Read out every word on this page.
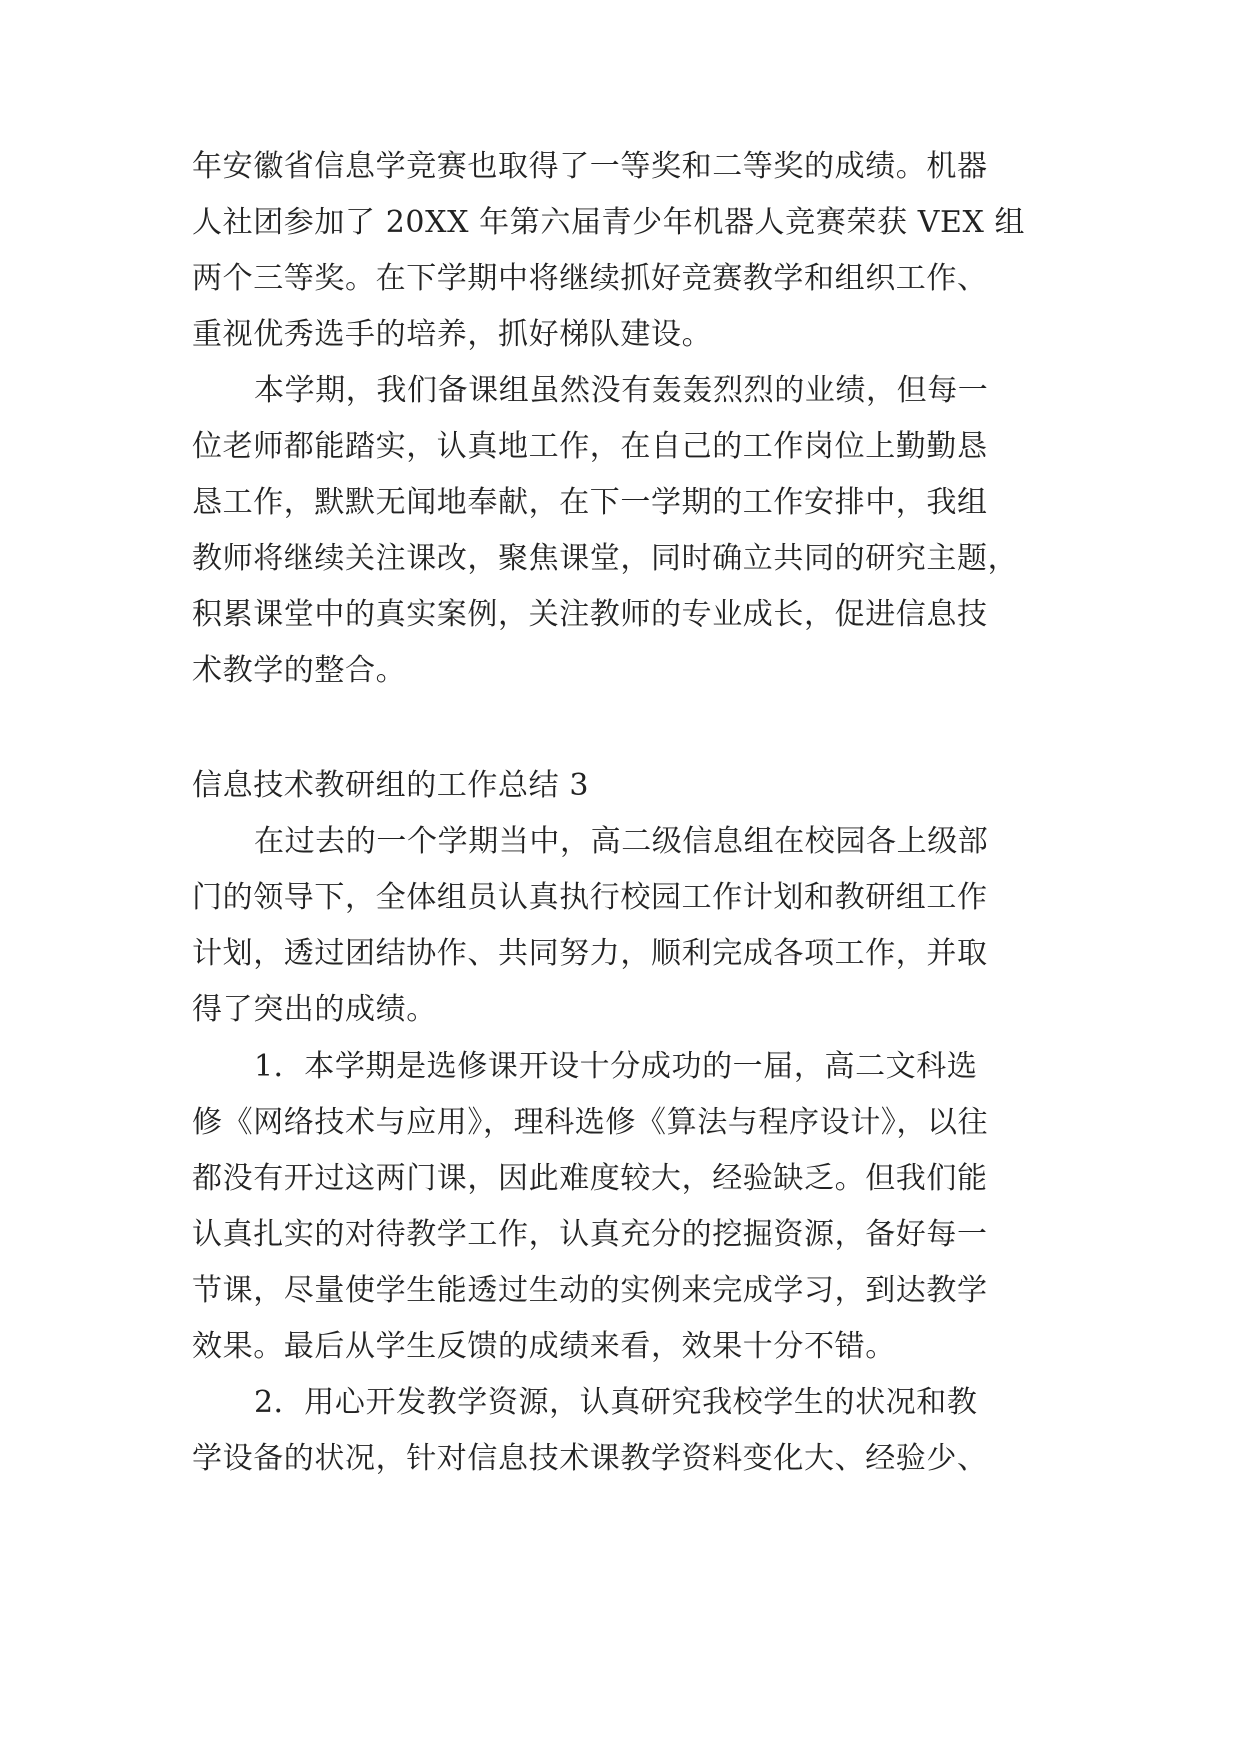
年安徽省信息学竞赛也取得了一等奖和二等奖的成绩。机器
人社团参加了 20XX 年第六届青少年机器人竞赛荣获 VEX 组
两个三等奖。在下学期中将继续抓好竞赛教学和组织工作、
重视优秀选手的培养，抓好梯队建设。
本学期，我们备课组虽然没有轰轰烈烈的业绩，但每一
位老师都能踏实，认真地工作，在自己的工作岗位上勤勤恳
恳工作，默默无闻地奉献，在下一学期的工作安排中，我组
教师将继续关注课改，聚焦课堂，同时确立共同的研究主题，
积累课堂中的真实案例，关注教师的专业成长，促进信息技
术教学的整合。
信息技术教研组的工作总结 3
在过去的一个学期当中，高二级信息组在校园各上级部
门的领导下，全体组员认真执行校园工作计划和教研组工作
计划，透过团结协作、共同努力，顺利完成各项工作，并取
得了突出的成绩。
1．本学期是选修课开设十分成功的一届，高二文科选
修《网络技术与应用》，理科选修《算法与程序设计》，以往
都没有开过这两门课，因此难度较大，经验缺乏。但我们能
认真扎实的对待教学工作，认真充分的挖掘资源，备好每一
节课，尽量使学生能透过生动的实例来完成学习，到达教学
效果。最后从学生反馈的成绩来看，效果十分不错。
2．用心开发教学资源，认真研究我校学生的状况和教
学设备的状况，针对信息技术课教学资料变化大、经验少、
